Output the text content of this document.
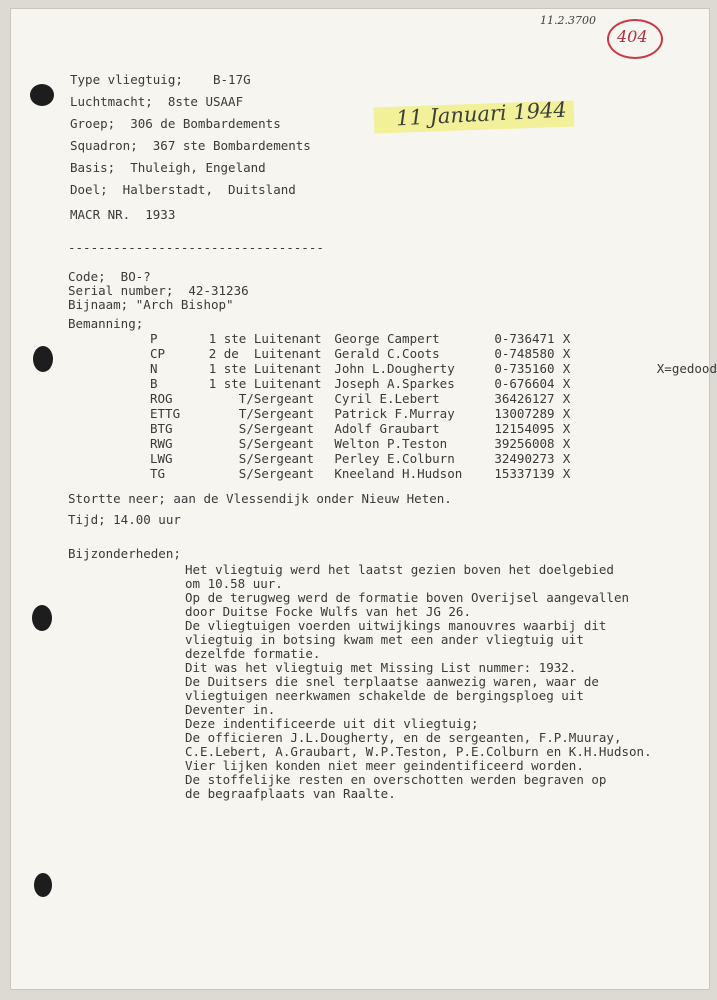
11.2.3700
404
11 Januari 1944
Type vliegtuig;    B-17G
Luchtmacht;  8ste USAAF
Groep;  306 de Bombardements
Squadron;  367 ste Bombardements
Basis;  Thuleigh, Engeland
Doel;  Halberstadt,  Duitsland
MACR NR.  1933
----------------------------------
Code;  BO-?
Serial number;  42-31236
Bijnaam; "Arch Bishop"
Bemanning;
P	1 ste Luitenant	George Campert	0-736471	X	
CP	2 de  Luitenant	Gerald C.Coots	0-748580	X	
N	1 ste Luitenant	John L.Dougherty	0-735160	X	X=gedood
B	1 ste Luitenant	Joseph A.Sparkes	0-676604	X	
ROG	T/Sergeant	Cyril E.Lebert	36426127	X	
ETTG	T/Sergeant	Patrick F.Murray	13007289	X	
BTG	S/Sergeant	Adolf Graubart	12154095	X	
RWG	S/Sergeant	Welton P.Teston	39256008	X	
LWG	S/Sergeant	Perley E.Colburn	32490273	X	
TG	S/Sergeant	Kneeland H.Hudson	15337139	X	
Stortte neer; aan de Vlessendijk onder Nieuw Heten.
Tijd; 14.00 uur
Bijzonderheden;
Het vliegtuig werd het laatst gezien boven het doelgebied
om 10.58 uur.
Op de terugweg werd de formatie boven Overijsel aangevallen
door Duitse Focke Wulfs van het JG 26.
De vliegtuigen voerden uitwijkings manouvres waarbij dit
vliegtuig in botsing kwam met een ander vliegtuig uit
dezelfde formatie.
Dit was het vliegtuig met Missing List nummer: 1932.
De Duitsers die snel terplaatse aanwezig waren, waar de
vliegtuigen neerkwamen schakelde de bergingsploeg uit
Deventer in.
Deze indentificeerde uit dit vliegtuig;
De officieren J.L.Dougherty, en de sergeanten, F.P.Muuray,
C.E.Lebert, A.Graubart, W.P.Teston, P.E.Colburn en K.H.Hudson.
Vier lijken konden niet meer geindentificeerd worden.
De stoffelijke resten en overschotten werden begraven op
de begraafplaats van Raalte.
